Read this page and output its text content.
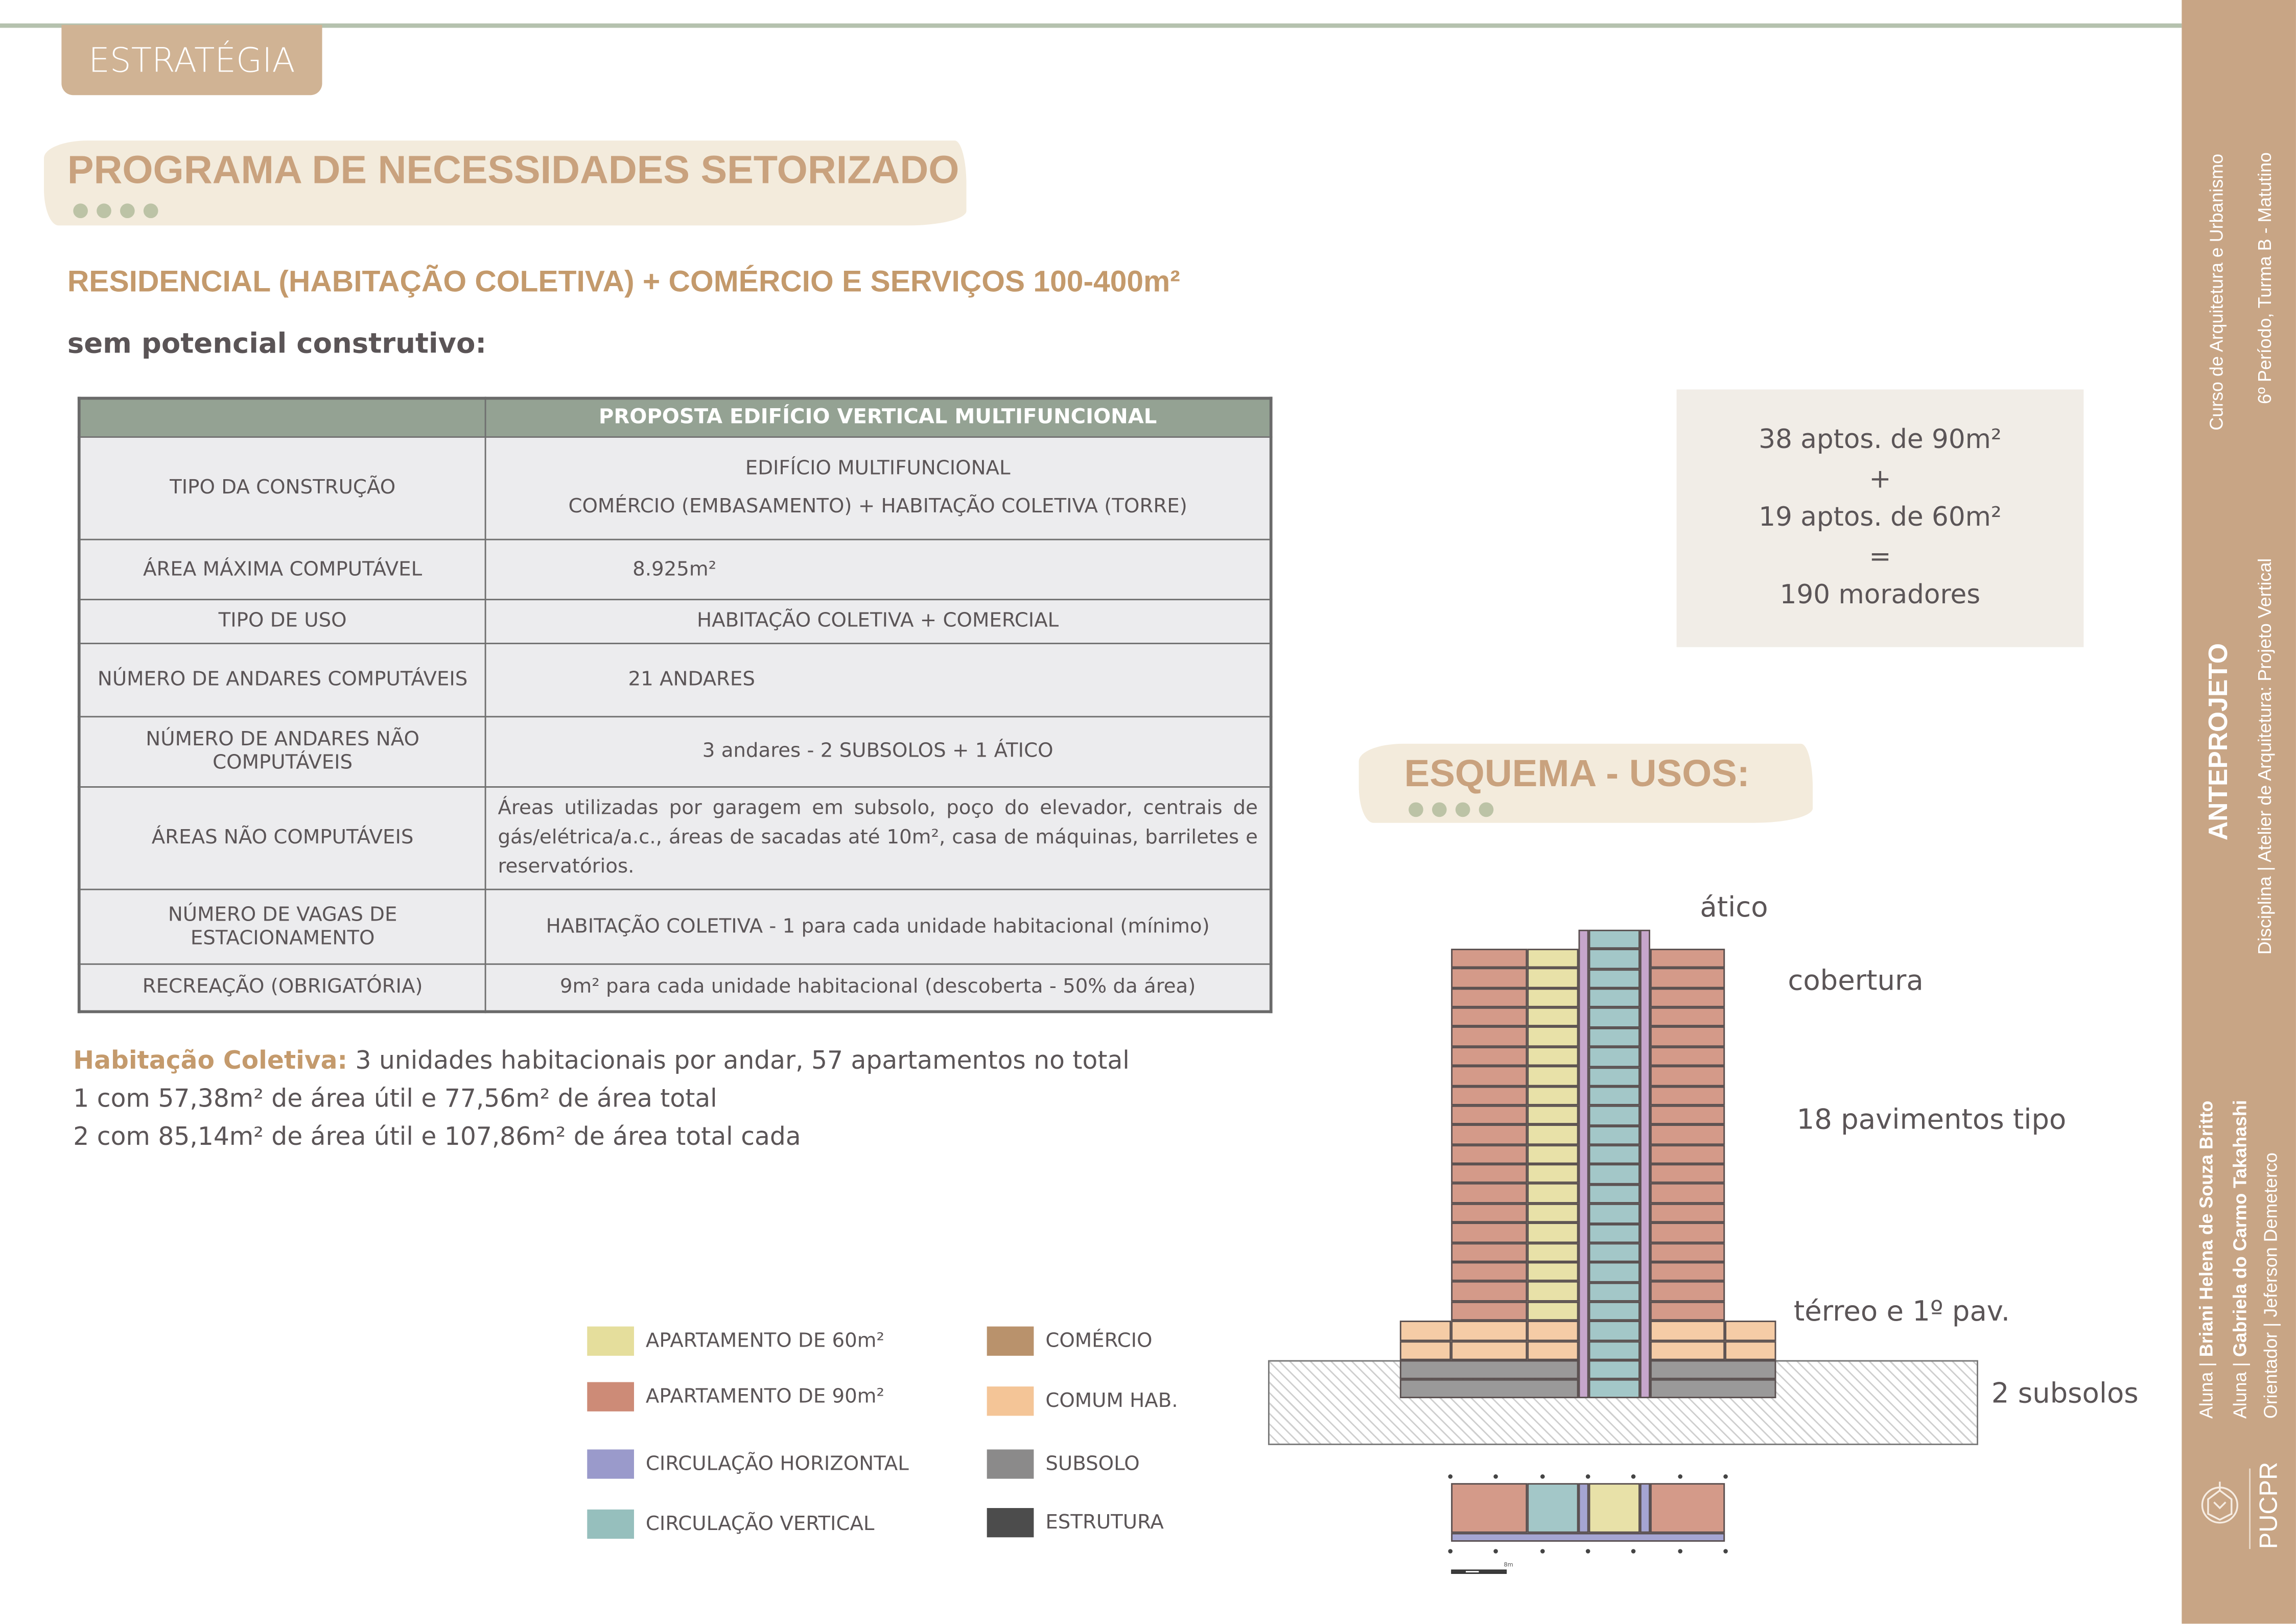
ESTRATÉGIA
PROGRAMA DE NECESSIDADES SETORIZADO
RESIDENCIAL (HABITAÇÃO COLETIVA) + COMÉRCIO E SERVIÇOS 100-400m²
sem potencial construtivo:
	PROPOSTA EDIFÍCIO VERTICAL MULTIFUNCIONAL
TIPO DA CONSTRUÇÃO	EDIFÍCIO MULTIFUNCIONAL
COMÉRCIO (EMBASAMENTO) + HABITAÇÃO COLETIVA (TORRE)

ÁREA MÁXIMA COMPUTÁVEL	8.925m²
TIPO DE USO	HABITAÇÃO COLETIVA + COMERCIAL
NÚMERO DE ANDARES COMPUTÁVEIS	21 ANDARES
NÚMERO DE ANDARES NÃO COMPUTÁVEIS	3 andares - 2 SUBSOLOS + 1 ÁTICO
ÁREAS NÃO COMPUTÁVEIS	Áreas utilizadas por garagem em subsolo, poço do elevador, centrais de gás/elétrica/a.c., áreas de sacadas até 10m², casa de máquinas, barriletes e reservatórios.
NÚMERO DE VAGAS DE ESTACIONAMENTO	HABITAÇÃO COLETIVA - 1 para cada unidade habitacional (mínimo)
RECREAÇÃO (OBRIGATÓRIA)	9m² para cada unidade habitacional (descoberta - 50% da área)
Habitação Coletiva: 3 unidades habitacionais por andar, 57 apartamentos no total
1 com 57,38m² de área útil e 77,56m² de área total
2 com 85,14m² de área útil e 107,86m² de área total cada
38 aptos. de 90m²
+
19 aptos. de 60m²
=
190 moradores
ESQUEMA - USOS:
8m
ático
cobertura
18 pavimentos tipo
térreo e 1º pav.
2 subsolos
APARTAMENTO DE 60m²
APARTAMENTO DE 90m²
CIRCULAÇÃO HORIZONTAL
CIRCULAÇÃO VERTICAL
COMÉRCIO
COMUM HAB.
SUBSOLO
ESTRUTURA
Aluna | Briani Helena de Souza Britto
Aluna | Gabriela do Carmo Takahashi Orientador | Jeferson Demeterco
ANTEPROJETO
Curso de Arquitetura e Urbanismo	6º Período, Turma B - Matutino
Disciplina | Atelier de Arquitetura: Projeto Vertical
PUCPR
